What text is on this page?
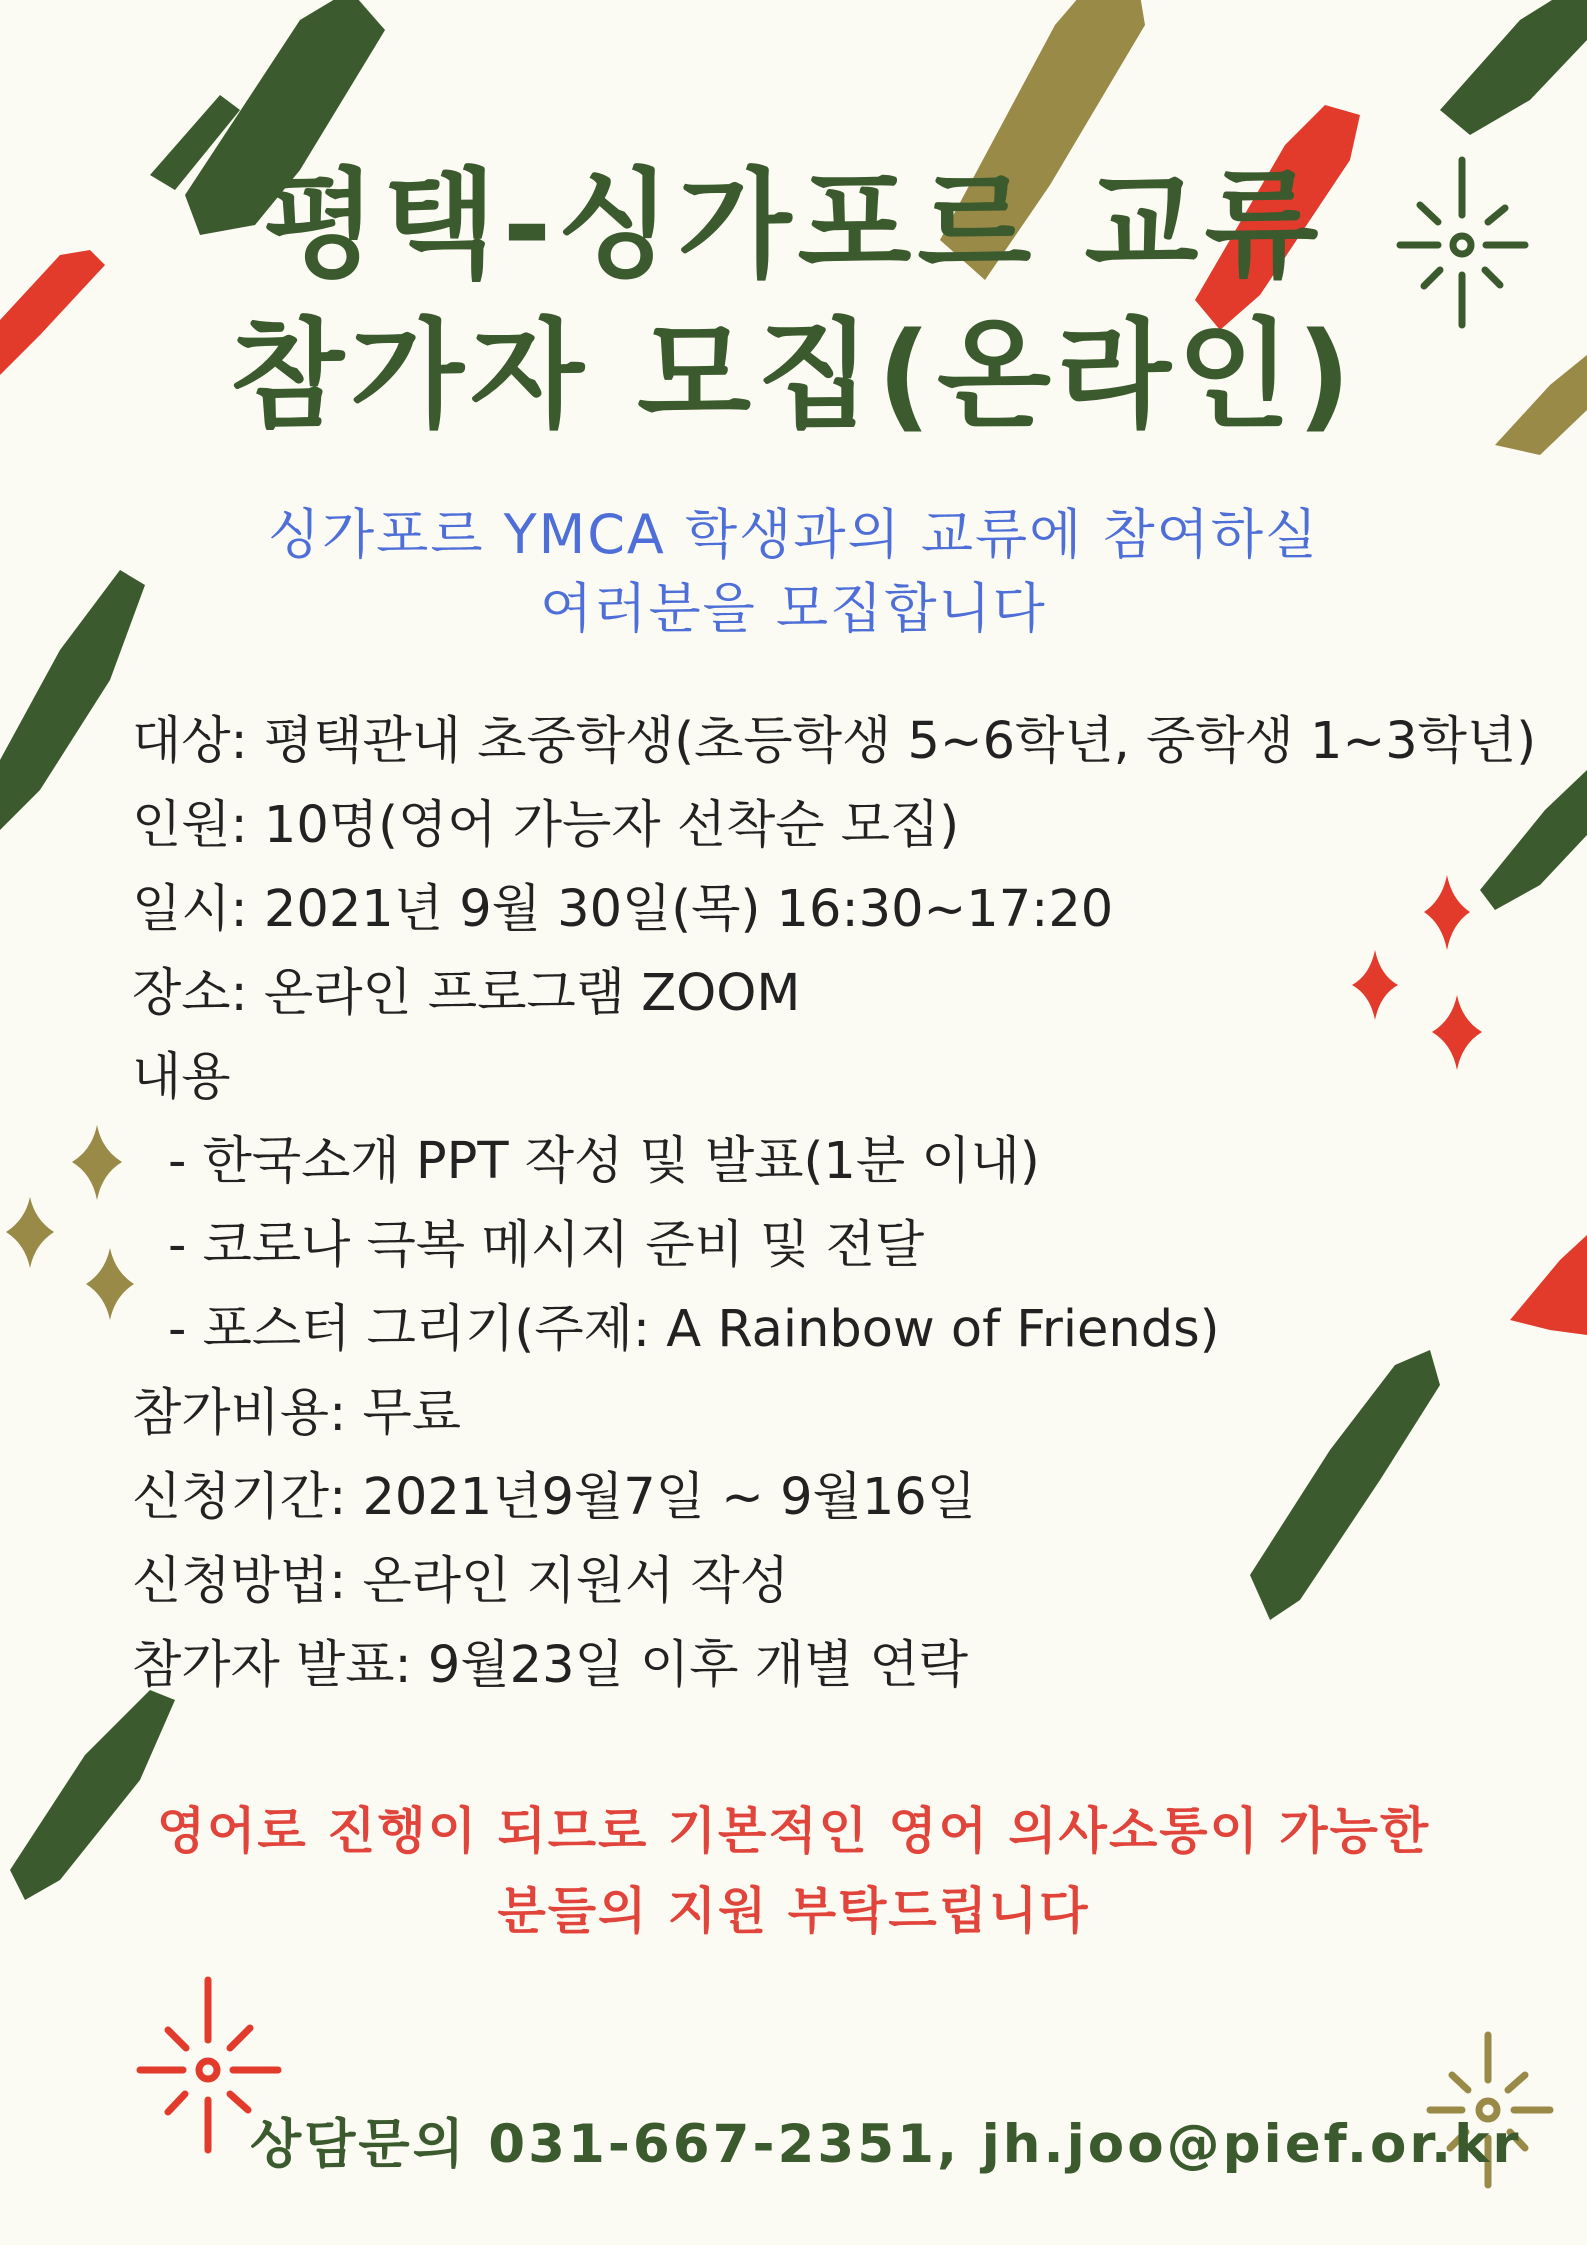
평택-싱가포르 교류
참가자 모집(온라인)
싱가포르 YMCA 학생과의 교류에 참여하실
여러분을 모집합니다
대상: 평택관내 초중학생(초등학생 5~6학년, 중학생 1~3학년)
인원: 10명(영어 가능자 선착순 모집)
일시: 2021년 9월 30일(목) 16:30~17:20
장소: 온라인 프로그램 ZOOM
내용
- 한국소개 PPT 작성 및 발표(1분 이내)
- 코로나 극복 메시지 준비 및 전달
- 포스터 그리기(주제: A Rainbow of Friends)
참가비용: 무료
신청기간: 2021년9월7일 ~ 9월16일
신청방법: 온라인 지원서 작성
참가자 발표: 9월23일 이후 개별 연락
영어로 진행이 되므로 기본적인 영어 의사소통이 가능한
분들의 지원 부탁드립니다
상담문의 031-667-2351, jh.joo@pief.or.kr
